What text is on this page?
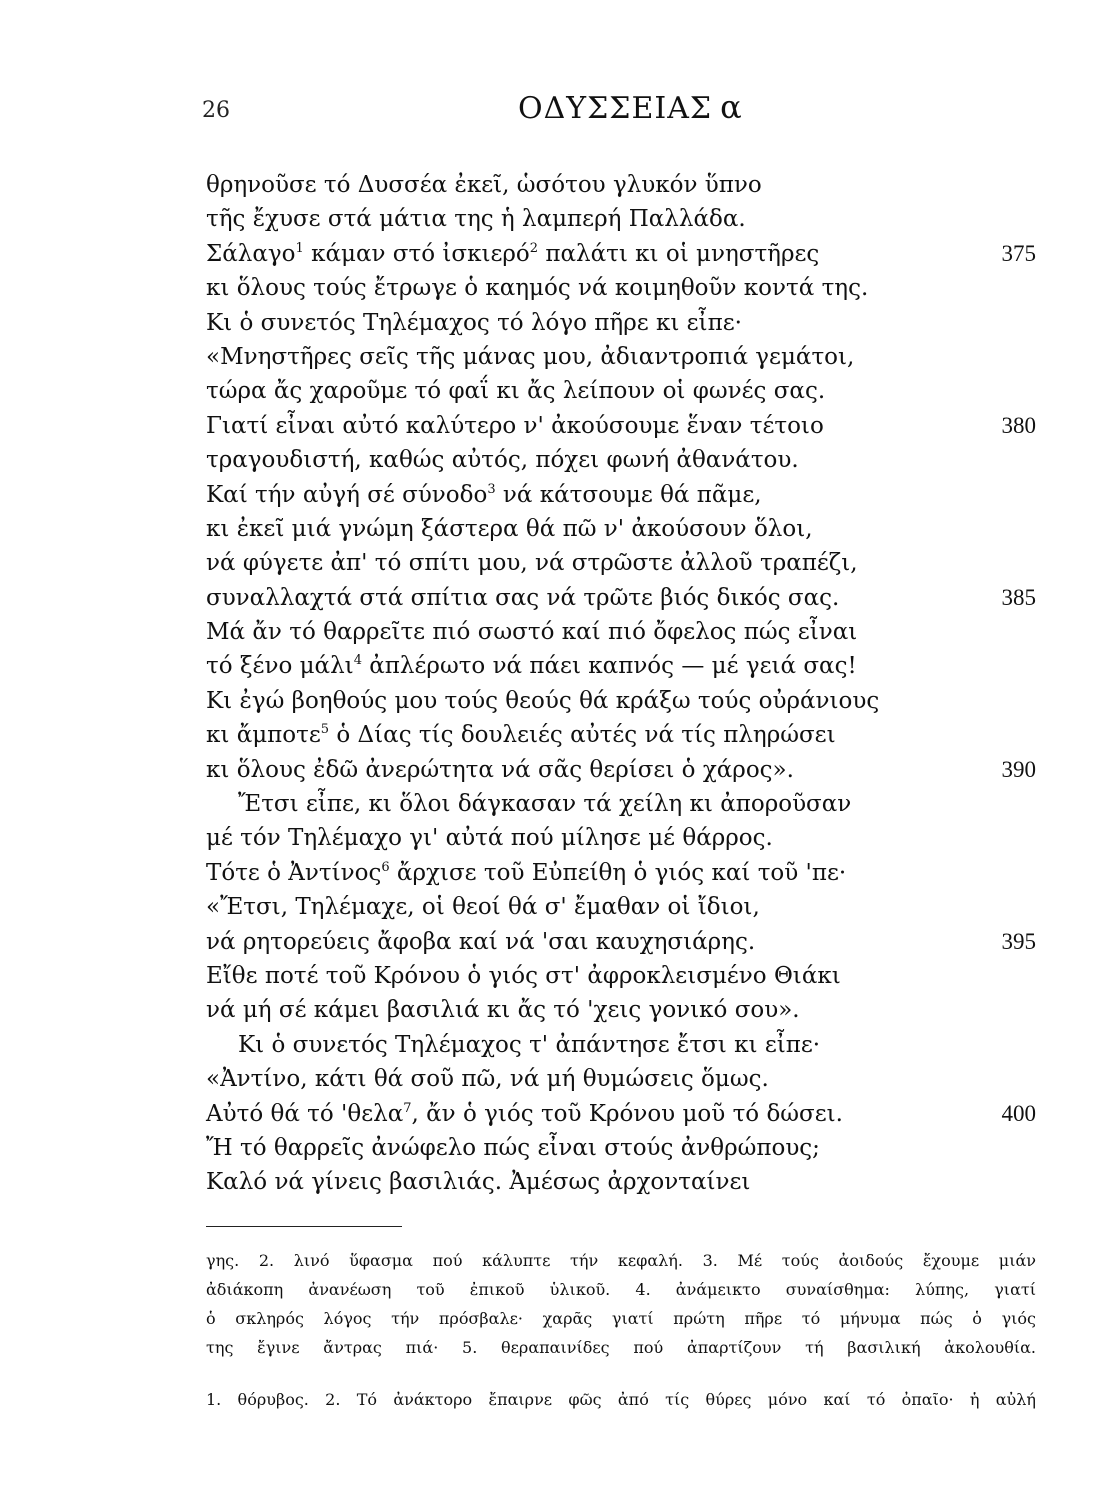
26	ΟΔΥΣΣΕΙΑΣ α
θρηνοῦσε τό Δυσσέα ἐκεῖ, ὡσότου γλυκόν ὕπνο
τῆς ἔχυσε στά μάτια της ἡ λαμπερή Παλλάδα.
Σάλαγο$^1$ κάμαν στό ἰσκιερό$^2$ παλάτι κι οἱ μνηστῆρες	375
κι ὅλους τούς ἔτρωγε ὁ καημός νά κοιμηθοῦν κοντά της.
Κι ὁ συνετός Τηλέμαχος τό λόγο πῆρε κι εἶπε·
«Μνηστῆρες σεῖς τῆς μάνας μου, ἀδιαντροπιά γεμάτοι,
τώρα ἄς χαροῦμε τό φαΐ κι ἄς λείπουν οἱ φωνές σας.
Γιατί εἶναι αὐτό καλύτερο ν' ἀκούσουμε ἕναν τέτοιο	380
τραγουδιστή, καθώς αὐτός, πόχει φωνή ἀθανάτου.
Καί τήν αὐγή σέ σύνοδο$^3$ νά κάτσουμε θά πᾶμε,
κι ἐκεῖ μιά γνώμη ξάστερα θά πῶ ν' ἀκούσουν ὅλοι,
νά φύγετε ἀπ' τό σπίτι μου, νά στρῶστε ἀλλοῦ τραπέζι,
συναλλαχτά στά σπίτια σας νά τρῶτε βιός δικός σας.	385
Μά ἄν τό θαρρεῖτε πιό σωστό καί πιό ὄφελος πώς εἶναι
τό ξένο μάλι$^4$ ἀπλέρωτο νά πάει καπνός — μέ γειά σας!
Κι ἐγώ βοηθούς μου τούς θεούς θά κράξω τούς οὐράνιους
κι ἄμποτε$^5$ ὁ Δίας τίς δουλειές αὐτές νά τίς πληρώσει
κι ὅλους ἐδῶ ἀνερώτητα νά σᾶς θερίσει ὁ χάρος».	390
Ἔτσι εἶπε, κι ὅλοι δάγκασαν τά χείλη κι ἀποροῦσαν
μέ τόν Τηλέμαχο γι' αὐτά πού μίλησε μέ θάρρος.
Τότε ὁ Ἀντίνος$^6$ ἄρχισε τοῦ Εὐπείθη ὁ γιός καί τοῦ 'πε·
«Ἔτσι, Τηλέμαχε, οἱ θεοί θά σ' ἔμαθαν οἱ ἴδιοι,
νά ρητορεύεις ἄφοβα καί νά 'σαι καυχησιάρης.	395
Εἴθε ποτέ τοῦ Κρόνου ὁ γιός στ' ἀφροκλεισμένο Θιάκι
νά μή σέ κάμει βασιλιά κι ἄς τό 'χεις γονικό σου».
Κι ὁ συνετός Τηλέμαχος τ' ἀπάντησε ἔτσι κι εἶπε·
«Ἀντίνο, κάτι θά σοῦ πῶ, νά μή θυμώσεις ὅμως.
Αὐτό θά τό 'θελα$^7$, ἄν ὁ γιός τοῦ Κρόνου μοῦ τό δώσει.	400
Ἤ τό θαρρεῖς ἀνώφελο πώς εἶναι στούς ἀνθρώπους;
Καλό νά γίνεις βασιλιάς. Ἀμέσως ἀρχονταίνει
γης. 2. λινό ὕφασμα πού κάλυπτε τήν κεφαλή. 3. Μέ τούς ἀοιδούς ἔχουμε μιάν
ἀδιάκοπη ἀνανέωση τοῦ ἐπικοῦ ὑλικοῦ. 4. ἀνάμεικτο συναίσθημα: λύπης, γιατί
ὁ σκληρός λόγος τήν πρόσβαλε· χαρᾶς γιατί πρώτη πῆρε τό μήνυμα πώς ὁ γιός
της ἔγινε ἄντρας πιά· 5. θεραπαινίδες πού ἀπαρτίζουν τή βασιλική ἀκολουθία.
1. θόρυβος. 2. Τό ἀνάκτορο ἔπαιρνε φῶς ἀπό τίς θύρες μόνο καί τό ὀπαῖο· ἡ αὐλή
